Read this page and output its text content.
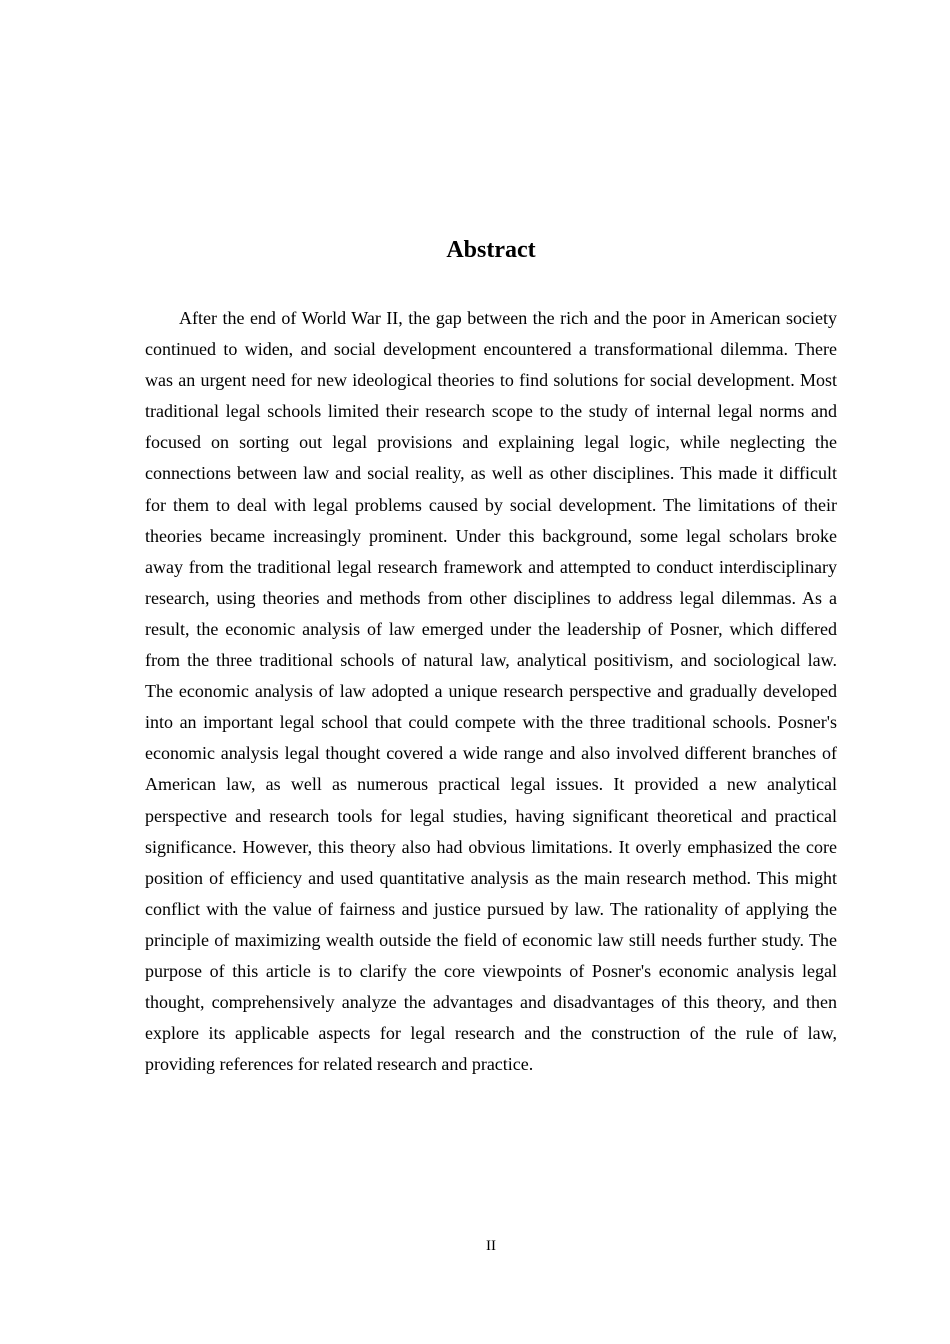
Abstract

After the end of World War II, the gap between the rich and the poor in American society continued to widen, and social development encountered a transformational dilemma. There was an urgent need for new ideological theories to find solutions for social development. Most traditional legal schools limited their research scope to the study of internal legal norms and focused on sorting out legal provisions and explaining legal logic, while neglecting the connections between law and social reality, as well as other disciplines. This made it difficult for them to deal with legal problems caused by social development. The limitations of their theories became increasingly prominent. Under this background, some legal scholars broke away from the traditional legal research framework and attempted to conduct interdisciplinary research, using theories and methods from other disciplines to address legal dilemmas. As a result, the economic analysis of law emerged under the leadership of Posner, which differed from the three traditional schools of natural law, analytical positivism, and sociological law. The economic analysis of law adopted a unique research perspective and gradually developed into an important legal school that could compete with the three traditional schools. Posner's economic analysis legal thought covered a wide range and also involved different branches of American law, as well as numerous practical legal issues. It provided a new analytical perspective and research tools for legal studies, having significant theoretical and practical significance. However, this theory also had obvious limitations. It overly emphasized the core position of efficiency and used quantitative analysis as the main research method. This might conflict with the value of fairness and justice pursued by law. The rationality of applying the principle of maximizing wealth outside the field of economic law still needs further study. The purpose of this article is to clarify the core viewpoints of Posner's economic analysis legal thought, comprehensively analyze the advantages and disadvantages of this theory, and then explore its applicable aspects for legal research and the construction of the rule of law, providing references for related research and practice.

II
